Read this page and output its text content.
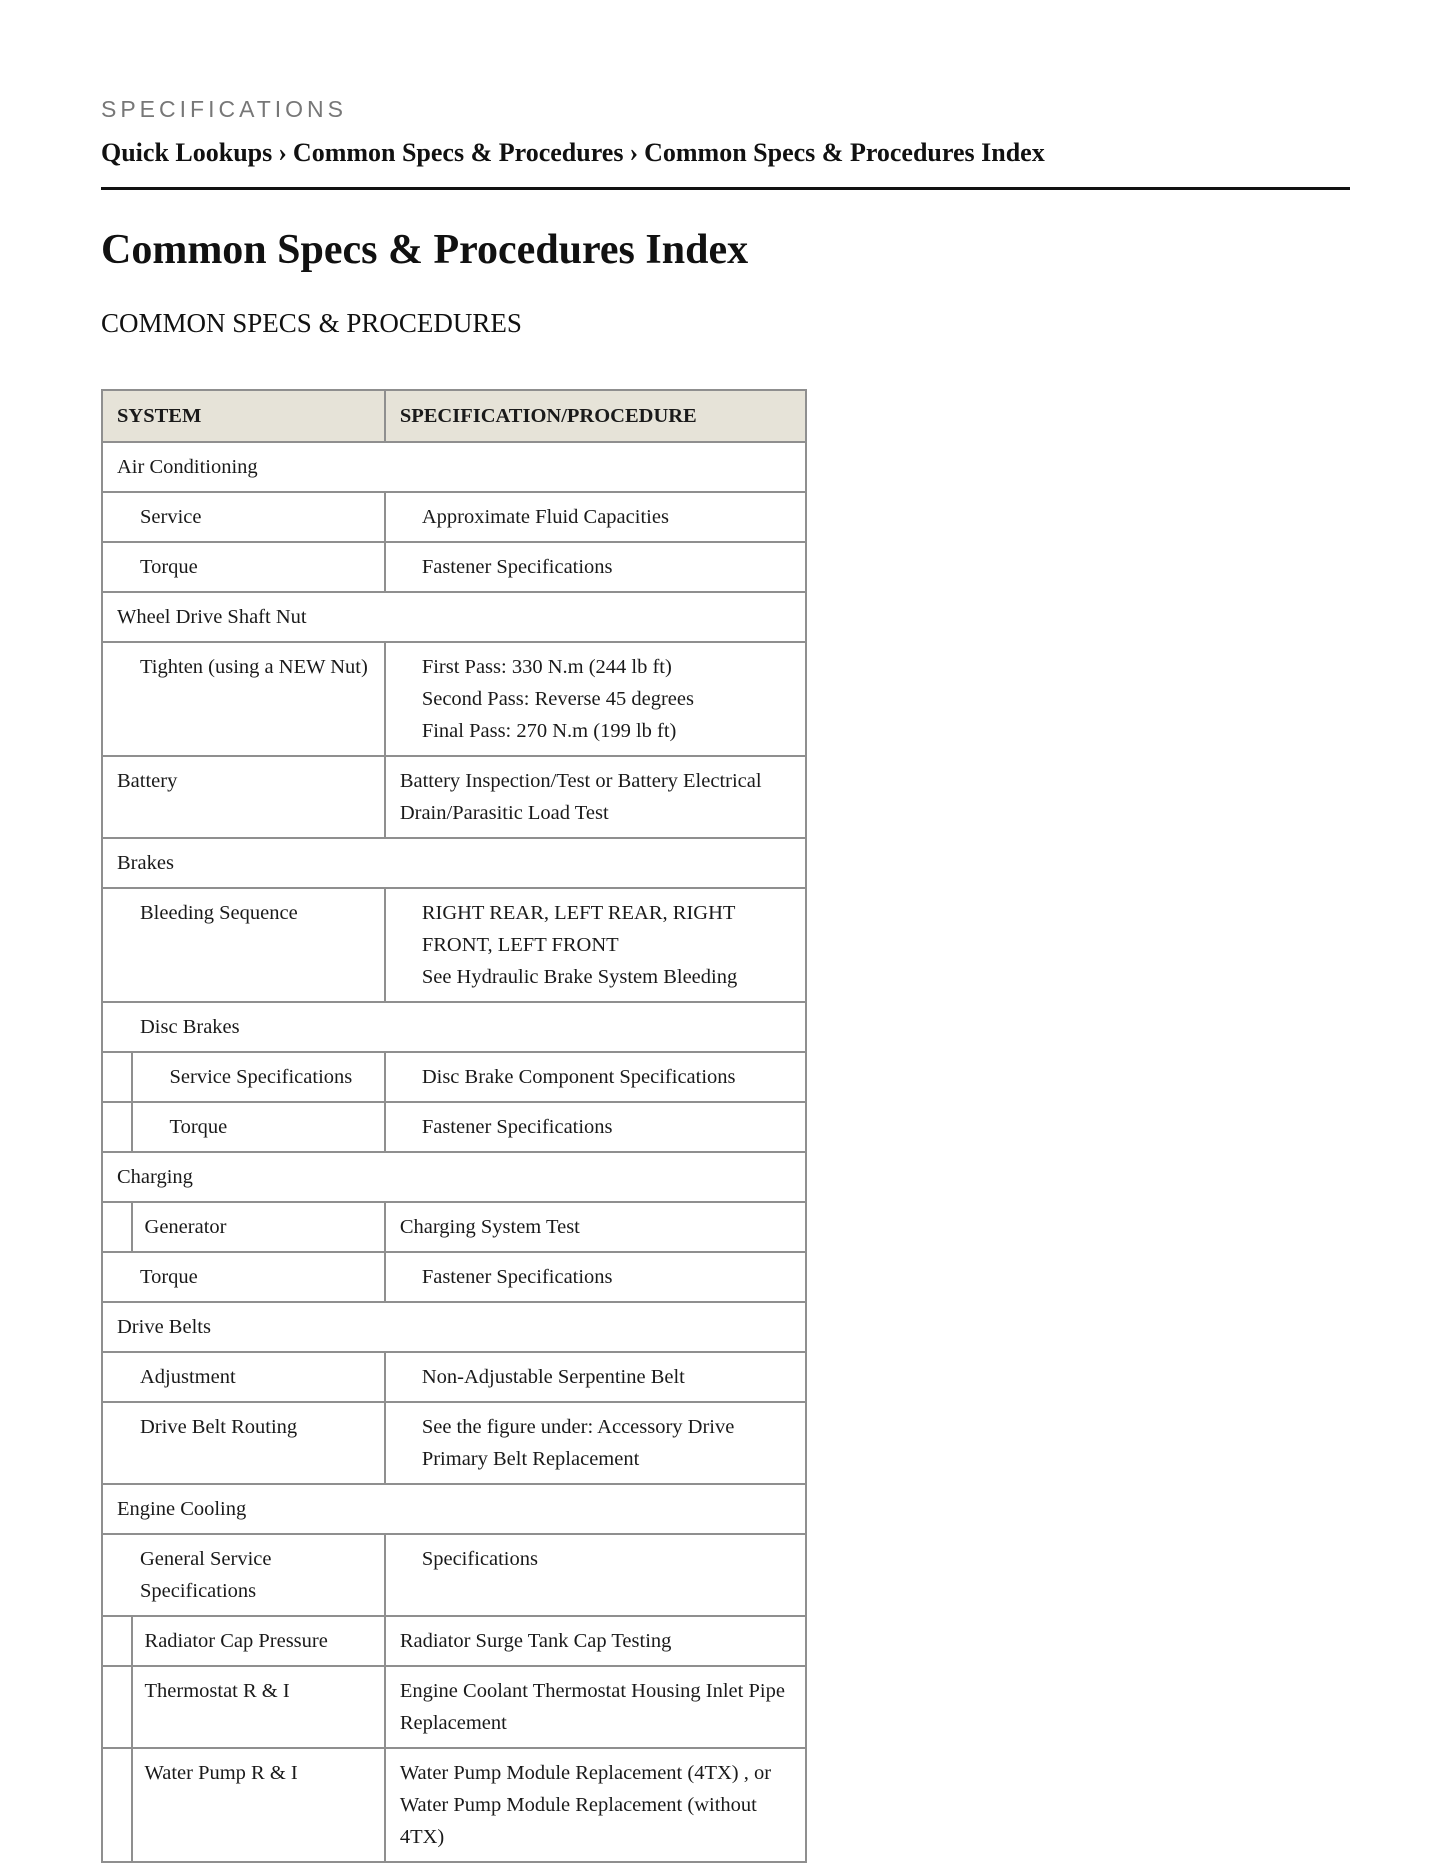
SPECIFICATIONS
Quick Lookups › Common Specs & Procedures › Common Specs & Procedures Index
Common Specs & Procedures Index
COMMON SPECS & PROCEDURES
SYSTEM		SPECIFICATION/PROCEDURE
Air Conditioning		
Service		Approximate Fluid Capacities
Torque		Fastener Specifications
Wheel Drive Shaft Nut		
Tighten (using a NEW Nut)		First Pass: 330 N.m (244 lb ft)
Second Pass: Reverse 45 degrees
Final Pass: 270 N.m (199 lb ft)

Battery		Battery Inspection/Test or Battery Electrical Drain/Parasitic Load Test
Brakes		
Bleeding Sequence		RIGHT REAR, LEFT REAR, RIGHT FRONT, LEFT FRONT
See Hydraulic Brake System Bleeding

Disc Brakes		
	Service Specifications	Disc Brake Component Specifications
	Torque	Fastener Specifications
Charging		
	Generator	Charging System Test
Torque		Fastener Specifications
Drive Belts		
Adjustment		Non-Adjustable Serpentine Belt
Drive Belt Routing		See the figure under: Accessory Drive Primary Belt Replacement
Engine Cooling		
General Service Specifications		Specifications
	Radiator Cap Pressure	Radiator Surge Tank Cap Testing
	Thermostat R & I	Engine Coolant Thermostat Housing Inlet Pipe Replacement
	Water Pump R & I	Water Pump Module Replacement (4TX) , or Water Pump Module Replacement (without 4TX)
